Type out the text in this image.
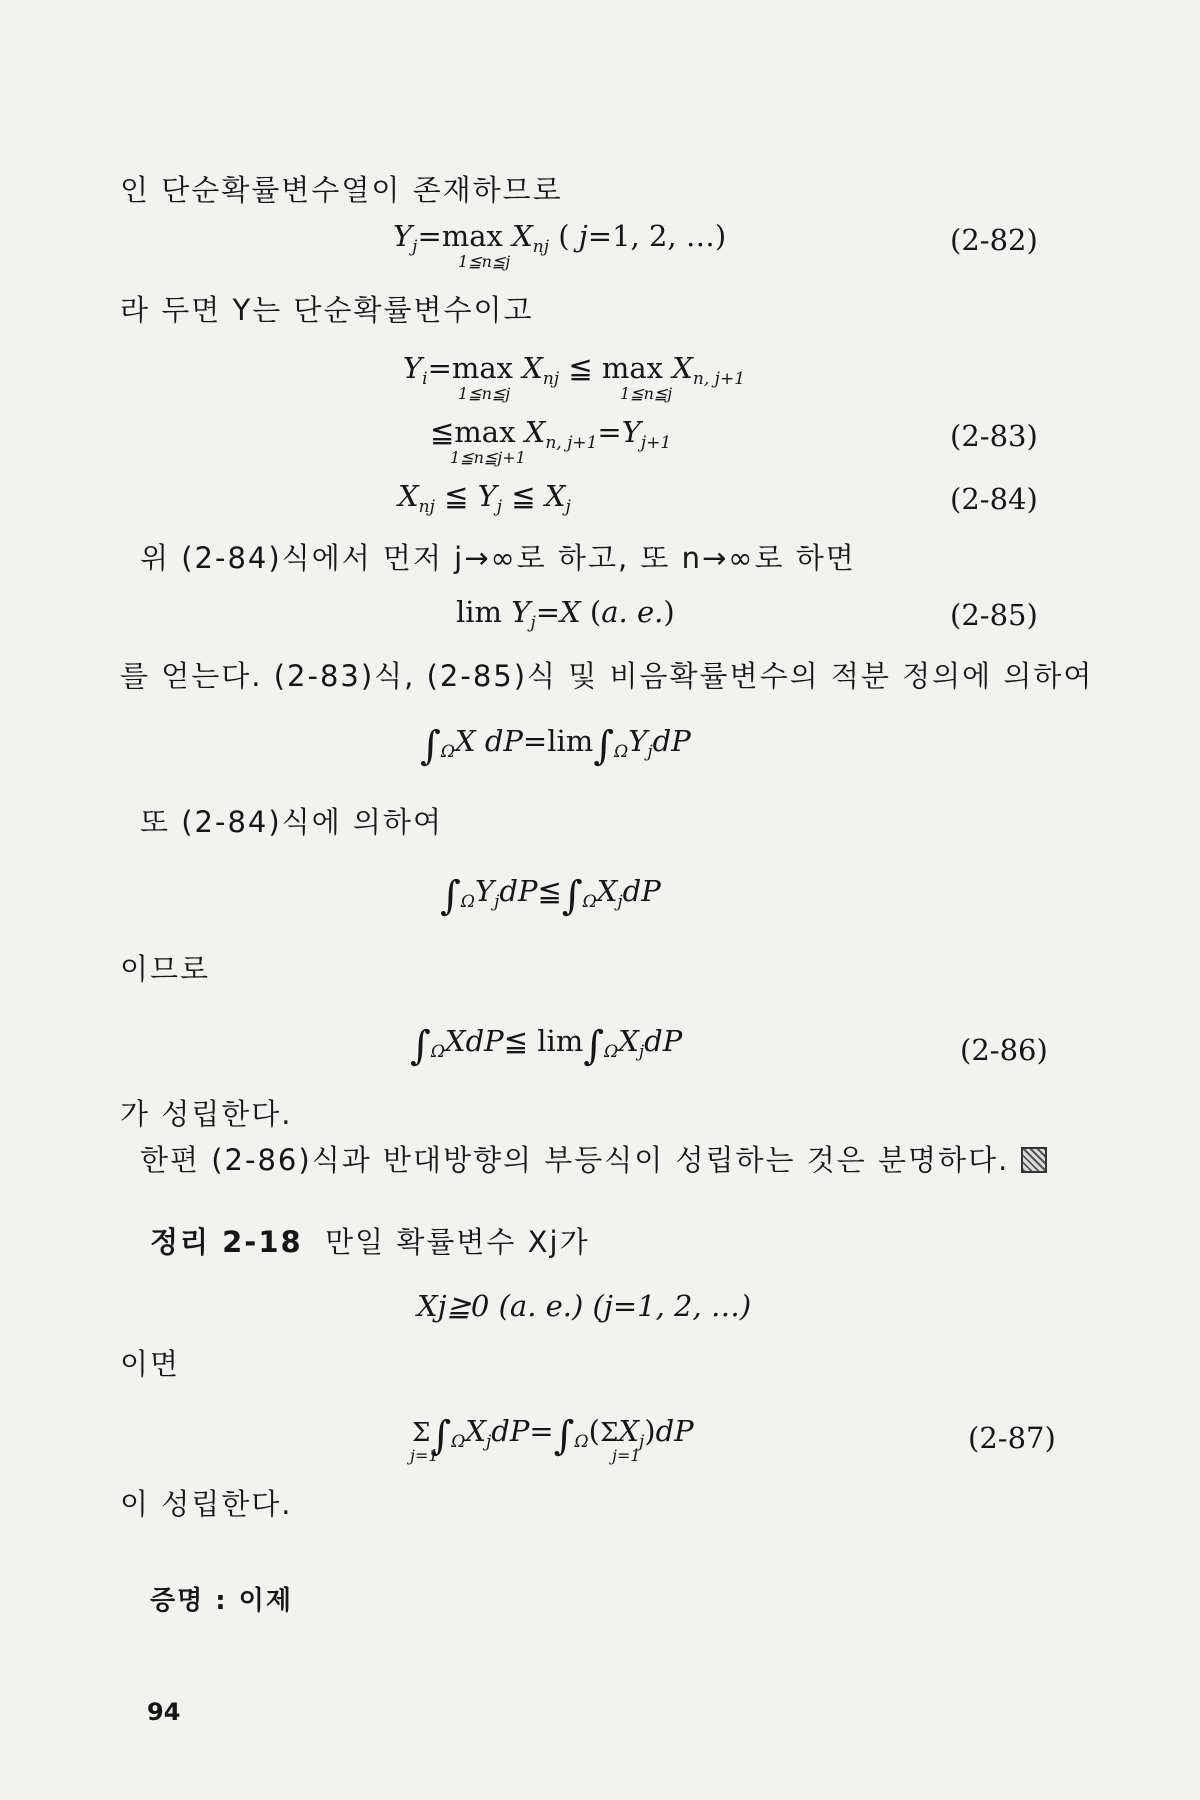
인 단순확률변수열이 존재하므로
$Y_j=\max$ $X_{nj}$ ( j=1, 2, …)
1≦n≦j
(2-82)
라 두면 Y는 단순확률변수이고
$Y_i=\max$ $X_{nj}$ ≦ $\max X_{n, j+1}$
1≦n≦j	1≦n≦j
≦max $X_{n, j+1}=Y_{j+1}$
1≦n≦j+1
(2-83)
$X_{nj}$ ≦ $Y_j$ ≦ $X_j$	(2-84)
위 (2-84)식에서 먼저 j→∞로 하고, 또 n→∞로 하면
$\lim Y_j=X$ (a. e.)	(2-85)
를 얻는다. (2-83)식, (2-85)식 및 비음확률변수의 적분 정의에 의하여
$\int_\Omega X$ $dP=\lim\int_\Omega Y_jdP$
또 (2-84)식에 의하여
$\int_\Omega Y_jdP≦\int_\Omega X_jdP$
이므로
$\int_\Omega XdP≦$ $\lim\int_\Omega X_jdP$	(2-86)
가 성립한다.
한편 (2-86)식과 반대방향의 부등식이 성립하는 것은 분명하다.
정리 2-18 만일 확률변수 Xj가
Xj≧0 (a. e.) (j=1, 2, …)
이면
$\Sigma\int_\Omega X_jdP=\int_\Omega(\Sigma X_j)dP$
j=1	j=1
(2-87)
이 성립한다.
증명 : 이제
94
